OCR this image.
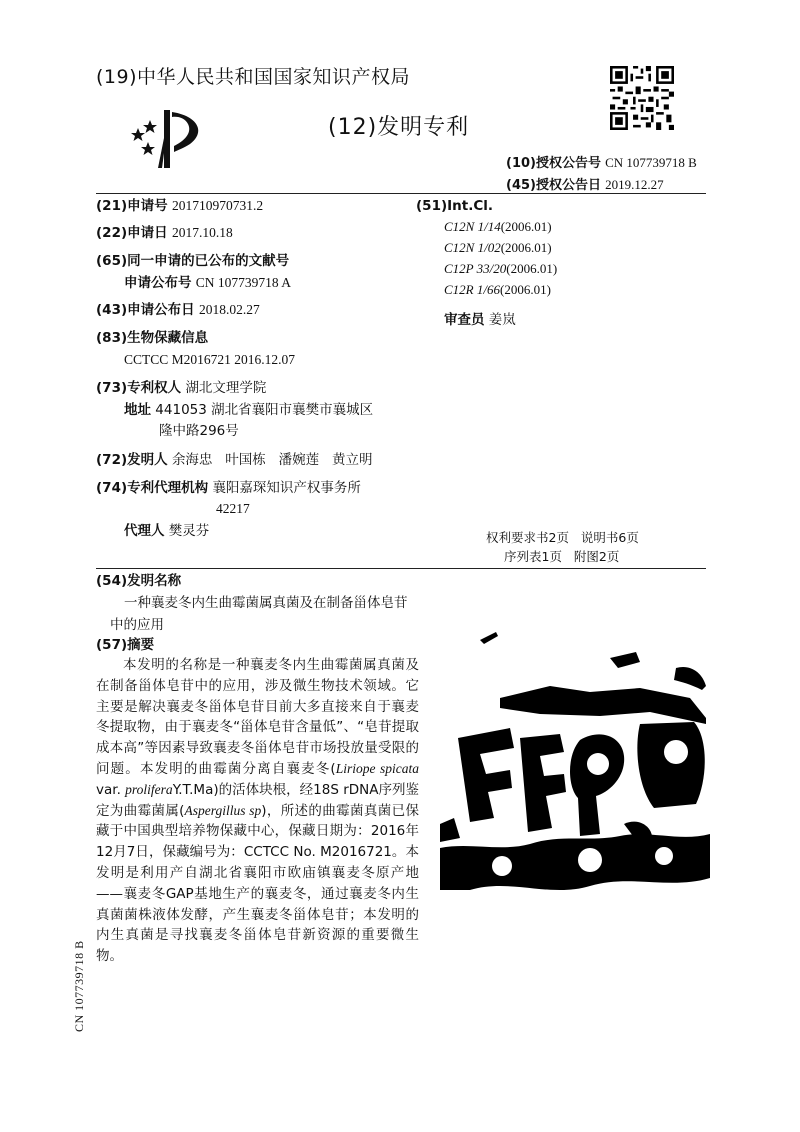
(19)中华人民共和国国家知识产权局
(12)发明专利
(10)授权公告号 CN 107739718 B
(45)授权公告日 2019.12.27
(21)申请号 201710970731.2
(22)申请日 2017.10.18
(65)同一申请的已公布的文献号
申请公布号 CN 107739718 A
(43)申请公布日 2018.02.27
(83)生物保藏信息
CCTCC M2016721 2016.12.07
(73)专利权人 湖北文理学院
地址 441053 湖北省襄阳市襄樊市襄城区
隆中路296号
(72)发明人 余海忠   叶国栋   潘婉莲   黄立明
(74)专利代理机构 襄阳嘉琛知识产权事务所
42217
代理人 樊灵芬
(51)Int.Cl.
C12N 1/14(2006.01)
C12N 1/02(2006.01)
C12P 33/20(2006.01)
C12R 1/66(2006.01)
审查员 姜岚
权利要求书2页   说明书6页
序列表1页   附图2页
(54)发明名称
一种襄麦冬内生曲霉菌属真菌及在制备甾体皂苷中的应用
(57)摘要
本发明的名称是一种襄麦冬内生曲霉菌属真菌及在制备甾体皂苷中的应用，涉及微生物技术领域。它主要是解决襄麦冬甾体皂苷目前大多直接来自于襄麦冬提取物，由于襄麦冬“甾体皂苷含量低”、“皂苷提取成本高”等因素导致襄麦冬甾体皂苷市场投放量受限的问题。本发明的曲霉菌分离自襄麦冬(Liriope spicata var. proliferaY.T.Ma)的活体块根，经18S rDNA序列鉴定为曲霉菌属(Aspergillus sp)，所述的曲霉菌真菌已保藏于中国典型培养物保藏中心，保藏日期为：2016年12月7日，保藏编号为：CCTCC No. M2016721。本发明是利用产自湖北省襄阳市欧庙镇襄麦冬原产地——襄麦冬GAP基地生产的襄麦冬，通过襄麦冬内生真菌菌株液体发酵，产生襄麦冬甾体皂苷；本发明的内生真菌是寻找襄麦冬甾体皂苷新资源的重要微生物。
CN 107739718 B
